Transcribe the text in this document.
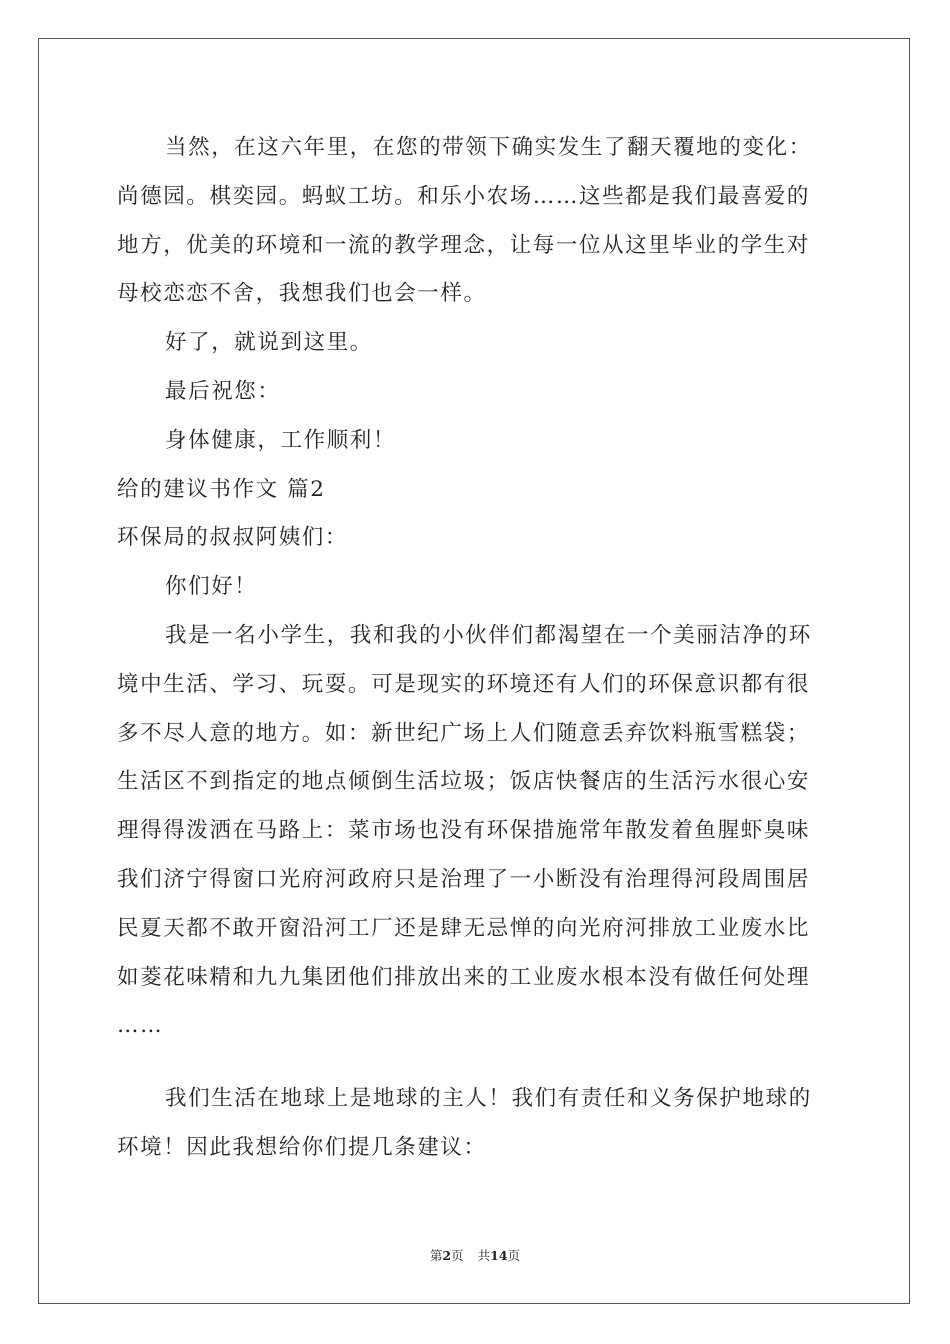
当然，在这六年里，在您的带领下确实发生了翻天覆地的变化：
尚德园。棋奕园。蚂蚁工坊。和乐小农场……这些都是我们最喜爱的
地方，优美的环境和一流的教学理念，让每一位从这里毕业的学生对
母校恋恋不舍，我想我们也会一样。
好了，就说到这里。
最后祝您：
身体健康，工作顺利！
给的建议书作文 篇2
环保局的叔叔阿姨们：
你们好！
我是一名小学生，我和我的小伙伴们都渴望在一个美丽洁净的环
境中生活、学习、玩耍。可是现实的环境还有人们的环保意识都有很
多不尽人意的地方。如：新世纪广场上人们随意丢弃饮料瓶雪糕袋；
生活区不到指定的地点倾倒生活垃圾；饭店快餐店的生活污水很心安
理得得泼洒在马路上：菜市场也没有环保措施常年散发着鱼腥虾臭味
我们济宁得窗口光府河政府只是治理了一小断没有治理得河段周围居
民夏天都不敢开窗沿河工厂还是肆无忌惮的向光府河排放工业废水比
如菱花味精和九九集团他们排放出来的工业废水根本没有做任何处理
……
我们生活在地球上是地球的主人！我们有责任和义务保护地球的
环境！因此我想给你们提几条建议：
第2页 共14页
